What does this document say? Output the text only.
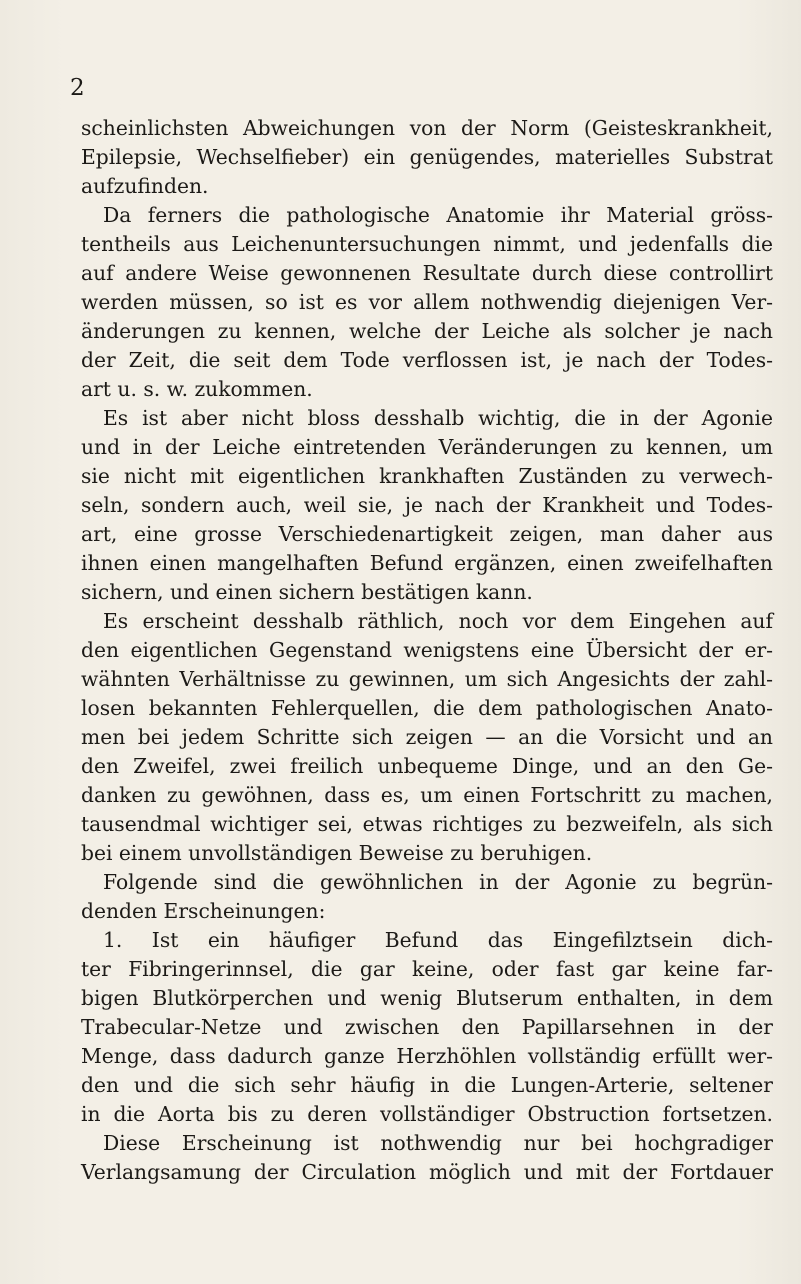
2
scheinlichsten Abweichungen von der Norm (Geisteskrankheit,
Epilepsie, Wechselfieber) ein genügendes, materielles Substrat
aufzufinden.
Da ferners die pathologische Anatomie ihr Material gröss-
tentheils aus Leichenuntersuchungen nimmt, und jedenfalls die
auf andere Weise gewonnenen Resultate durch diese controllirt
werden müssen, so ist es vor allem nothwendig diejenigen Ver-
änderungen zu kennen, welche der Leiche als solcher je nach
der Zeit, die seit dem Tode verflossen ist, je nach der Todes-
art u. s. w. zukommen.
Es ist aber nicht bloss desshalb wichtig, die in der Agonie
und in der Leiche eintretenden Veränderungen zu kennen, um
sie nicht mit eigentlichen krankhaften Zuständen zu verwech-
seln, sondern auch, weil sie, je nach der Krankheit und Todes-
art, eine grosse Verschiedenartigkeit zeigen, man daher aus
ihnen einen mangelhaften Befund ergänzen, einen zweifelhaften
sichern, und einen sichern bestätigen kann.
Es erscheint desshalb räthlich, noch vor dem Eingehen auf
den eigentlichen Gegenstand wenigstens eine Übersicht der er-
wähnten Verhältnisse zu gewinnen, um sich Angesichts der zahl-
losen bekannten Fehlerquellen, die dem pathologischen Anato-
men bei jedem Schritte sich zeigen — an die Vorsicht und an
den Zweifel, zwei freilich unbequeme Dinge, und an den Ge-
danken zu gewöhnen, dass es, um einen Fortschritt zu machen,
tausendmal wichtiger sei, etwas richtiges zu bezweifeln, als sich
bei einem unvollständigen Beweise zu beruhigen.
Folgende sind die gewöhnlichen in der Agonie zu begrün-
denden Erscheinungen:
1. Ist ein häufiger Befund das Eingefilztsein dich-
ter Fibringerinnsel, die gar keine, oder fast gar keine far-
bigen Blutkörperchen und wenig Blutserum enthalten, in dem
Trabecular-Netze und zwischen den Papillarsehnen in der
Menge, dass dadurch ganze Herzhöhlen vollständig erfüllt wer-
den und die sich sehr häufig in die Lungen-Arterie, seltener
in die Aorta bis zu deren vollständiger Obstruction fortsetzen.
Diese Erscheinung ist nothwendig nur bei hochgradiger
Verlangsamung der Circulation möglich und mit der Fortdauer
